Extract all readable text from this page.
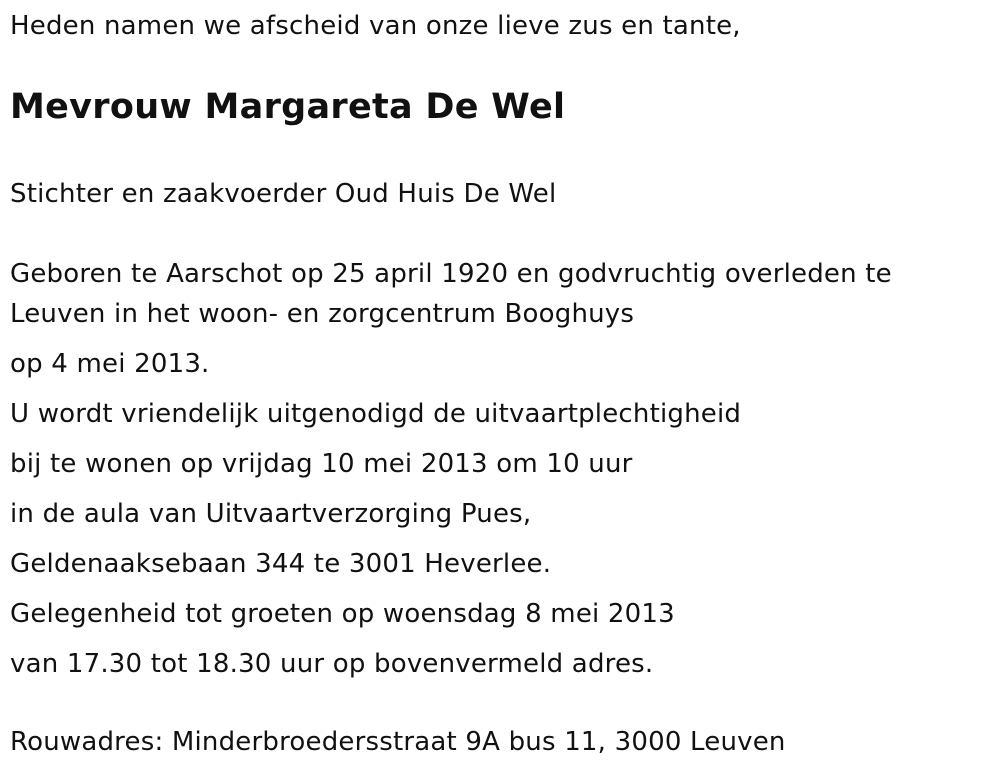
Heden namen we afscheid van onze lieve zus en tante,
Mevrouw Margareta De Wel
Stichter en zaakvoerder Oud Huis De Wel
Geboren te Aarschot op 25 april 1920 en godvruchtig overleden te
Leuven in het woon- en zorgcentrum Booghuys
op 4 mei 2013.
U wordt vriendelijk uitgenodigd de uitvaartplechtigheid
bij te wonen op vrijdag 10 mei 2013 om 10 uur
in de aula van Uitvaartverzorging Pues,
Geldenaaksebaan 344 te 3001 Heverlee.
Gelegenheid tot groeten op woensdag 8 mei 2013
van 17.30 tot 18.30 uur op bovenvermeld adres.
Rouwadres: Minderbroedersstraat 9A bus 11, 3000 Leuven
